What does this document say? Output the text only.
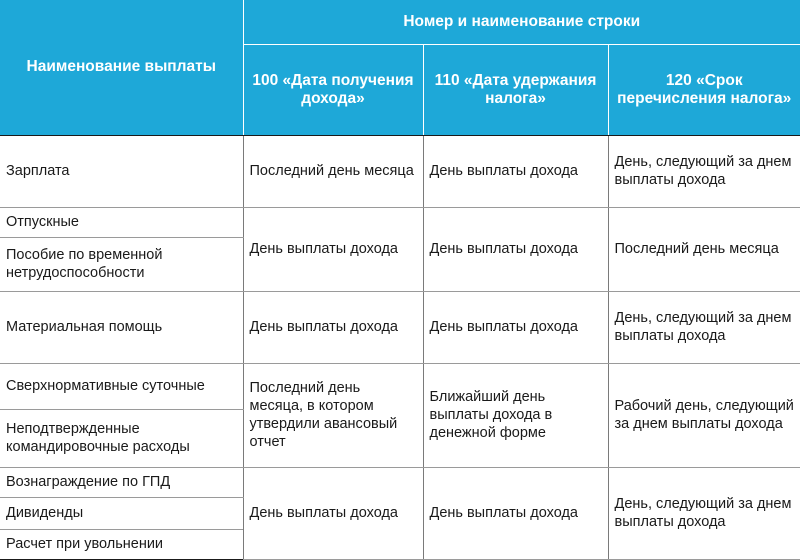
Наименование выплаты	Номер и наименование строки		
	100 «Дата получения дохода»	110 «Дата удержания налога»	120 «Срок перечисления налога»
Зарплата	Последний день месяца	День выплаты дохода	День, следующий за днем выплаты дохода
Отпускные	День выплаты дохода	День выплаты дохода	Последний день месяца
Пособие по временной нетрудоспособности			
Материальная помощь	День выплаты дохода	День выплаты дохода	День, следующий за днем выплаты дохода
Сверхнормативные суточные	Последний день месяца, в котором утвердили авансовый отчет	Ближайший день выплаты дохода в денежной форме	Рабочий день, следующий за днем выплаты дохода
Неподтвержденные командировочные расходы			
Вознаграждение по ГПД	День выплаты дохода	День выплаты дохода	День, следующий за днем выплаты дохода
Дивиденды			
Расчет при увольнении			
